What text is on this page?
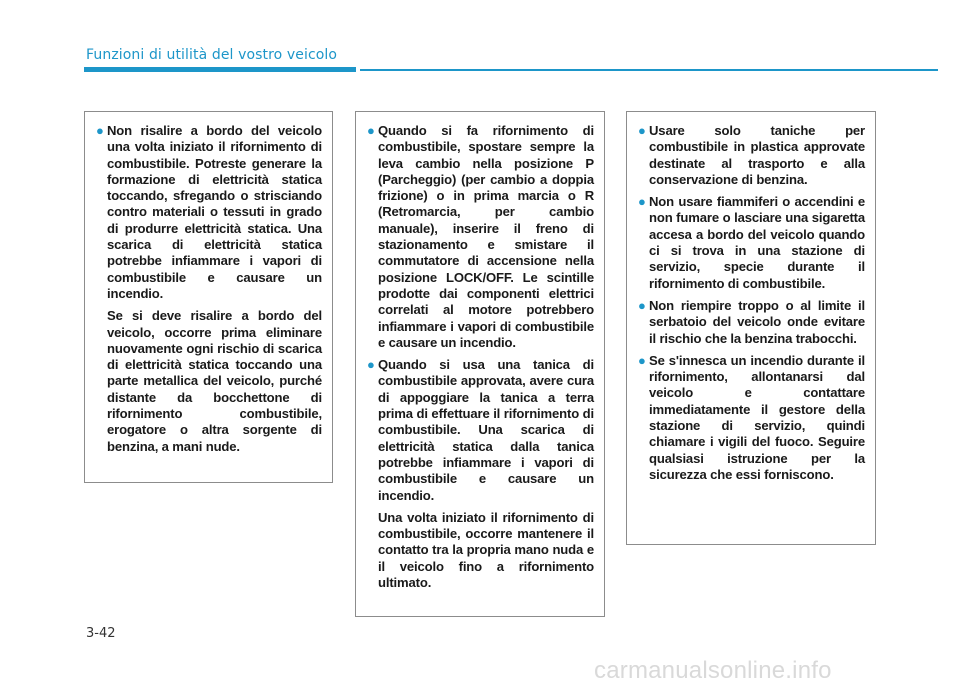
Funzioni di utilità del vostro veicolo
● Non risalire a bordo del veicolo una volta iniziato il rifornimento di combustibile. Potreste generare la formazione di elettricità statica toccando, sfregando o strisciando contro materiali o tessuti in grado di produrre elettricità statica. Una scarica di elettricità statica potrebbe infiammare i vapori di combustibile e causare un incendio.

Se si deve risalire a bordo del veicolo, occorre prima eliminare nuovamente ogni rischio di scarica di elettricità statica toccando una parte metallica del veicolo, purché distante da bocchettone di rifornimento combustibile, erogatore o altra sorgente di benzina, a mani nude.

● Quando si fa rifornimento di combustibile, spostare sempre la leva cambio nella posizione P (Parcheggio) (per cambio a doppia frizione) o in prima marcia o R (Retromarcia, per cambio manuale), inserire il freno di stazionamento e smistare il commutatore di accensione nella posizione LOCK/OFF. Le scintille prodotte dai componenti elettrici correlati al motore potrebbero infiammare i vapori di combustibile e causare un incendio.

● Quando si usa una tanica di combustibile approvata, avere cura di appoggiare la tanica a terra prima di effettuare il rifornimento di combustibile. Una scarica di elettricità statica dalla tanica potrebbe infiammare i vapori di combustibile e causare un incendio.

Una volta iniziato il rifornimento di combustibile, occorre mantenere il contatto tra la propria mano nuda e il veicolo fino a rifornimento ultimato.

● Usare solo taniche per combustibile in plastica approvate destinate al trasporto e alla conservazione di benzina.

● Non usare fiammiferi o accendini e non fumare o lasciare una sigaretta accesa a bordo del veicolo quando ci si trova in una stazione di servizio, specie durante il rifornimento di combustibile.

● Non riempire troppo o al limite il serbatoio del veicolo onde evitare il rischio che la benzina trabocchi.

● Se s'innesca un incendio durante il rifornimento, allontanarsi dal veicolo e contattare immediatamente il gestore della stazione di servizio, quindi chiamare i vigili del fuoco. Seguire qualsiasi istruzione per la sicurezza che essi forniscono.

3-42
carmanualsonline.info
